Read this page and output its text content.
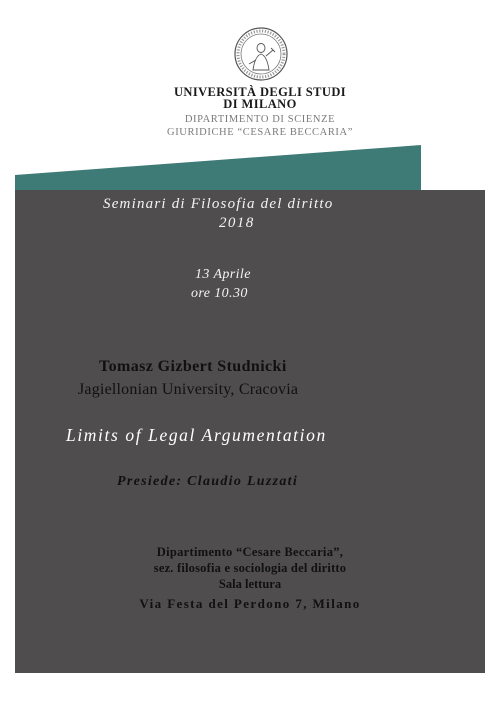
UNIVERSITÀ DEGLI STUDI
DI MILANO
DIPARTIMENTO DI SCIENZE
GIURIDICHE “CESARE BECCARIA”
Seminari di Filosofia del diritto
2018
13 Aprile
ore 10.30
Tomasz Gizbert Studnicki
Jagiellonian University, Cracovia
Limits of Legal Argumentation
Presiede: Claudio Luzzati
Dipartimento “Cesare Beccaria”,
sez. filosofia e sociologia del diritto
Sala lettura
Via Festa del Perdono 7, Milano
